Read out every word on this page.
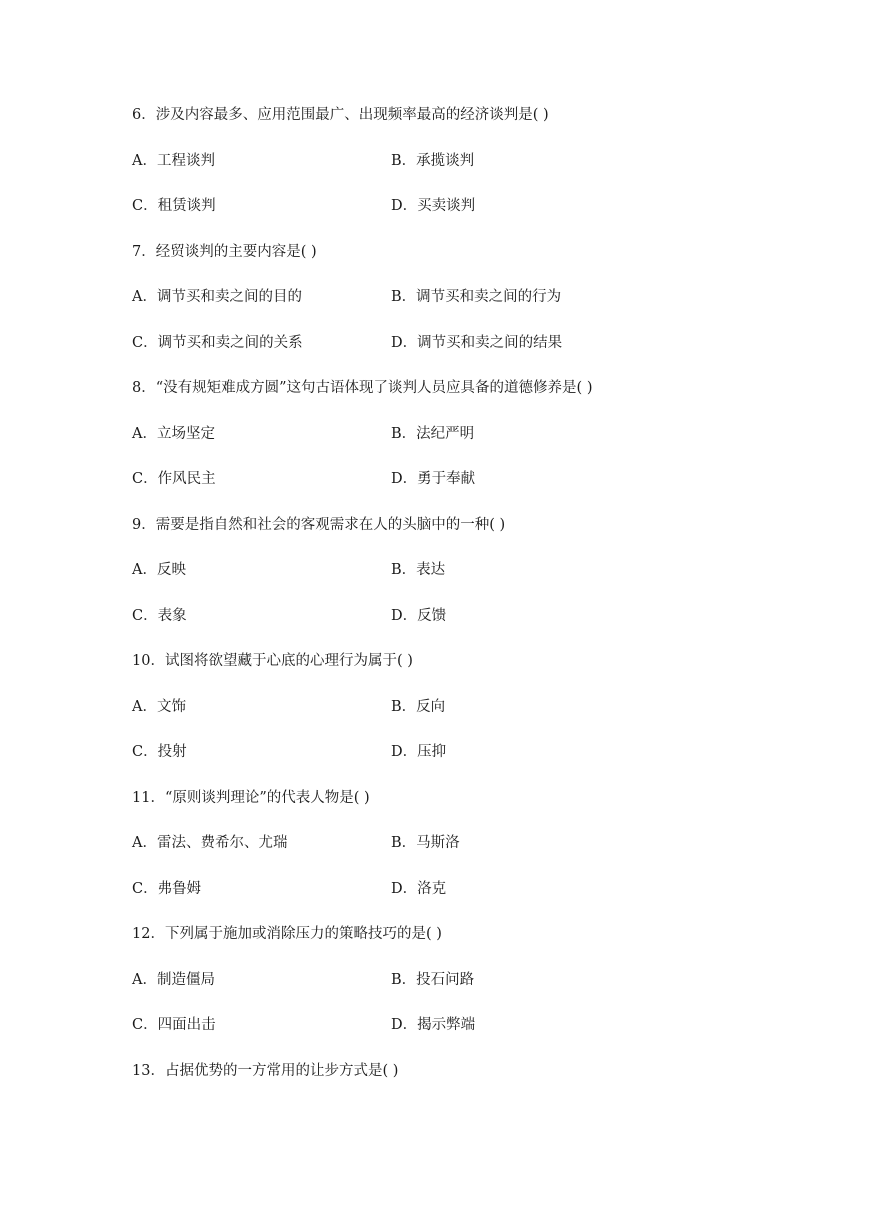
6．涉及内容最多、应用范围最广、出现频率最高的经济谈判是( )
A．工程谈判	B．承揽谈判
C．租赁谈判	D．买卖谈判
7．经贸谈判的主要内容是( )
A．调节买和卖之间的目的	B．调节买和卖之间的行为
C．调节买和卖之间的关系	D．调节买和卖之间的结果
8．“没有规矩难成方圆”这句古语体现了谈判人员应具备的道德修养是( )
A．立场坚定	B．法纪严明
C．作风民主	D．勇于奉献
9．需要是指自然和社会的客观需求在人的头脑中的一种( )
A．反映	B．表达
C．表象	D．反馈
10．试图将欲望藏于心底的心理行为属于( )
A．文饰	B．反向
C．投射	D．压抑
11．“原则谈判理论”的代表人物是( )
A．雷法、费希尔、尤瑞	B．马斯洛
C．弗鲁姆	D．洛克
12．下列属于施加或消除压力的策略技巧的是( )
A．制造僵局	B．投石问路
C．四面出击	D．揭示弊端
13．占据优势的一方常用的让步方式是( )
